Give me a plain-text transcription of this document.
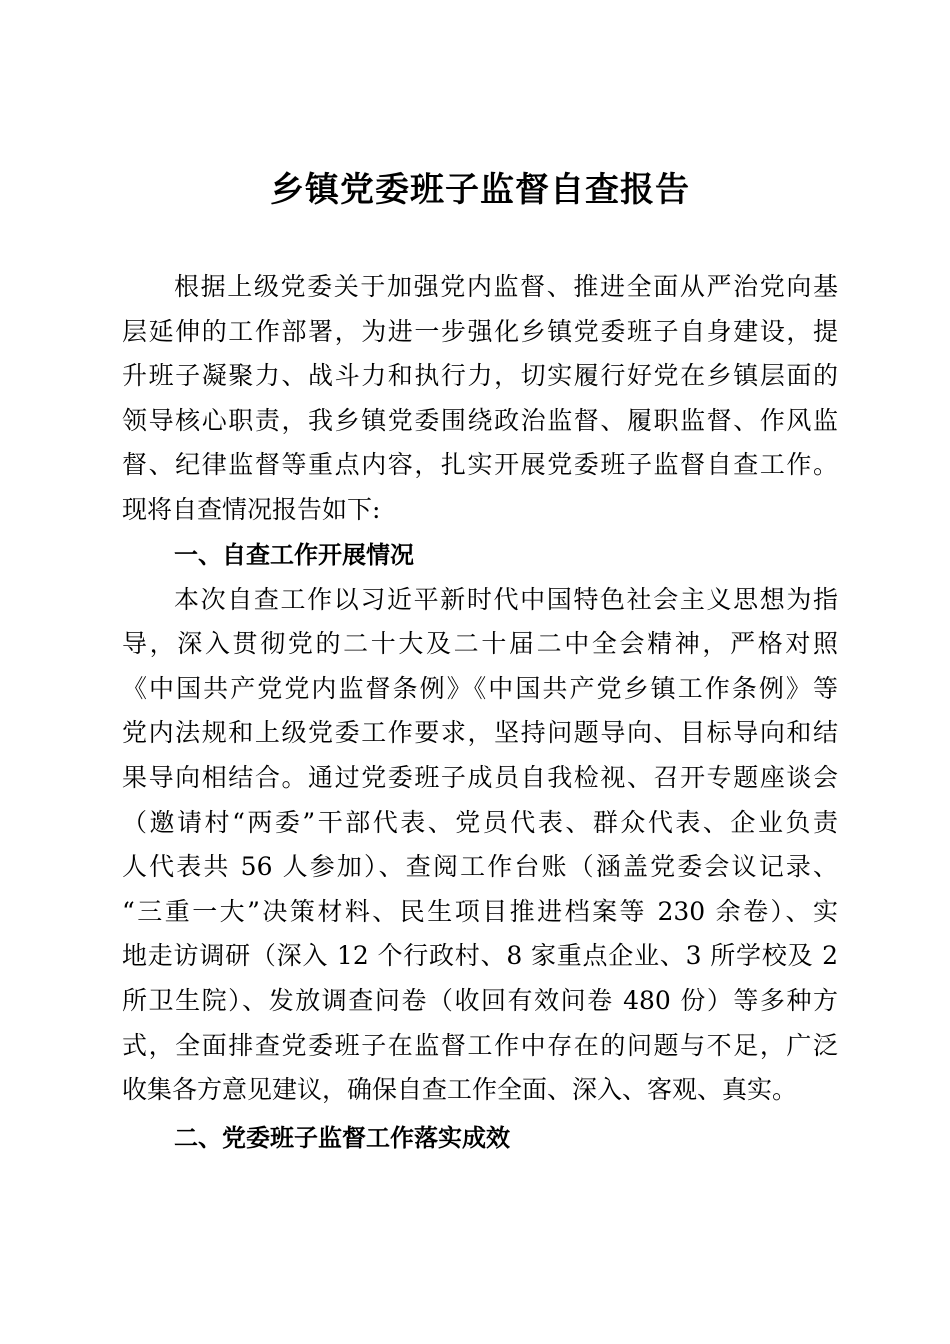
乡镇党委班子监督自查报告
根据上级党委关于加强党内监督、推进全面从严治党向基
层延伸的工作部署，为进一步强化乡镇党委班子自身建设，提
升班子凝聚力、战斗力和执行力，切实履行好党在乡镇层面的
领导核心职责，我乡镇党委围绕政治监督、履职监督、作风监
督、纪律监督等重点内容，扎实开展党委班子监督自查工作。
现将自查情况报告如下:
一、自查工作开展情况
本次自查工作以习近平新时代中国特色社会主义思想为指
导，深入贯彻党的二十大及二十届二中全会精神，严格对照
《中国共产党党内监督条例》《中国共产党乡镇工作条例》等
党内法规和上级党委工作要求，坚持问题导向、目标导向和结
果导向相结合。通过党委班子成员自我检视、召开专题座谈会
（邀请村“两委”干部代表、党员代表、群众代表、企业负责
人代表共 56 人参加）、查阅工作台账（涵盖党委会议记录、
“三重一大”决策材料、民生项目推进档案等 230 余卷）、实
地走访调研（深入 12 个行政村、8 家重点企业、3 所学校及 2
所卫生院）、发放调查问卷（收回有效问卷 480 份）等多种方
式，全面排查党委班子在监督工作中存在的问题与不足，广泛
收集各方意见建议，确保自查工作全面、深入、客观、真实。
二、党委班子监督工作落实成效
